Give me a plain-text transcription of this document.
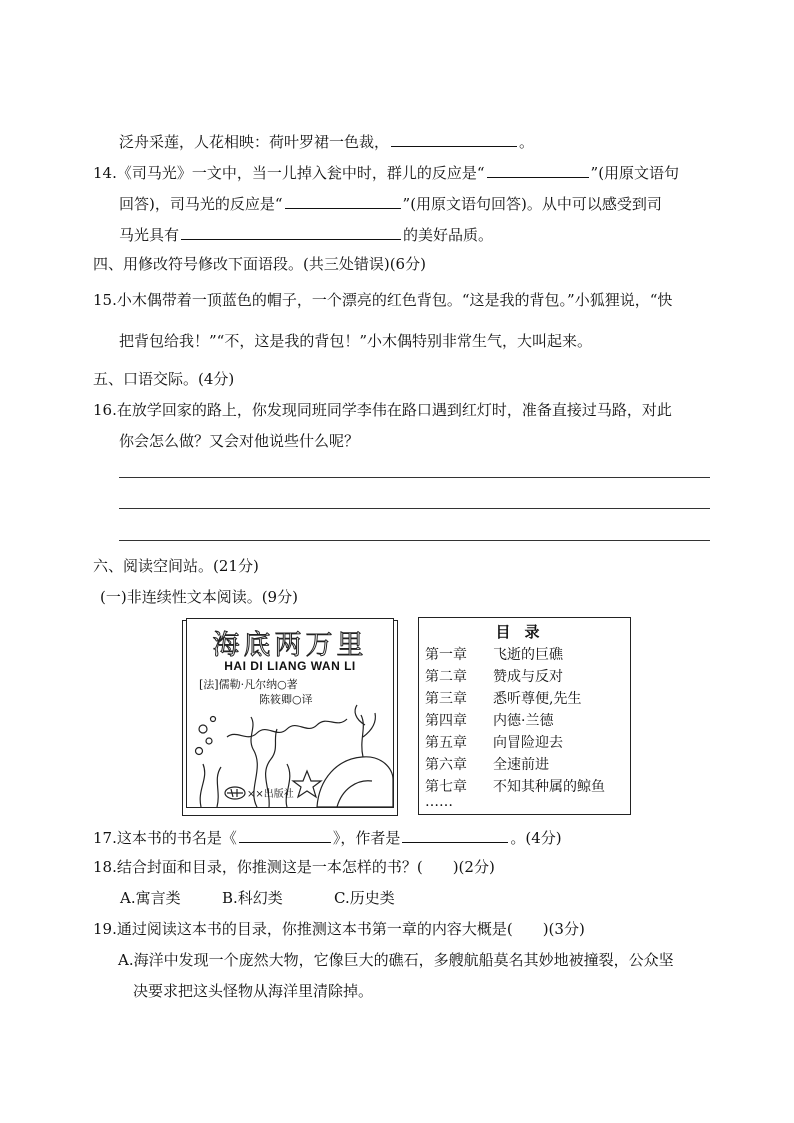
泛舟采莲，人花相映：荷叶罗裙一色裁，	。
14.《司马光》一文中，当一儿掉入瓮中时，群儿的反应是“	”(用原文语句
回答)，司马光的反应是“	”(用原文语句回答)。从中可以感受到司
马光具有	的美好品质。
四、用修改符号修改下面语段。(共三处错误)(6分)
15.小木偶带着一顶蓝色的帽子，一个漂亮的红色背包。“这是我的背包。”小狐狸说，“快
把背包给我！”“不，这是我的背包！”小木偶特别非常生气，大叫起来。
五、口语交际。(4分)
16.在放学回家的路上，你发现同班同学李伟在路口遇到红灯时，准备直接过马路，对此
你会怎么做？又会对他说些什么呢？
六、阅读空间站。(21分)
(一)非连续性文本阅读。(9分)
海底两万里
HAI DI LIANG WAN LI
[法]儒勒·凡尔纳○著
陈筱卿○译
××出版社
目录
第一章 飞逝的巨礁
第二章 赞成与反对
第三章 悉听尊便,先生
第四章 内德·兰德
第五章 向冒险迎去
第六章 全速前进
第七章 不知其种属的鲸鱼
……
17.这本书的书名是《	》，作者是	。(4分)
18.结合封面和目录，你推测这是一本怎样的书？(　　)(2分)
A.寓言类	B.科幻类	C.历史类
19.通过阅读这本书的目录，你推测这本书第一章的内容大概是(　　)(3分)
A.海洋中发现一个庞然大物，它像巨大的礁石，多艘航船莫名其妙地被撞裂，公众坚
决要求把这头怪物从海洋里清除掉。
